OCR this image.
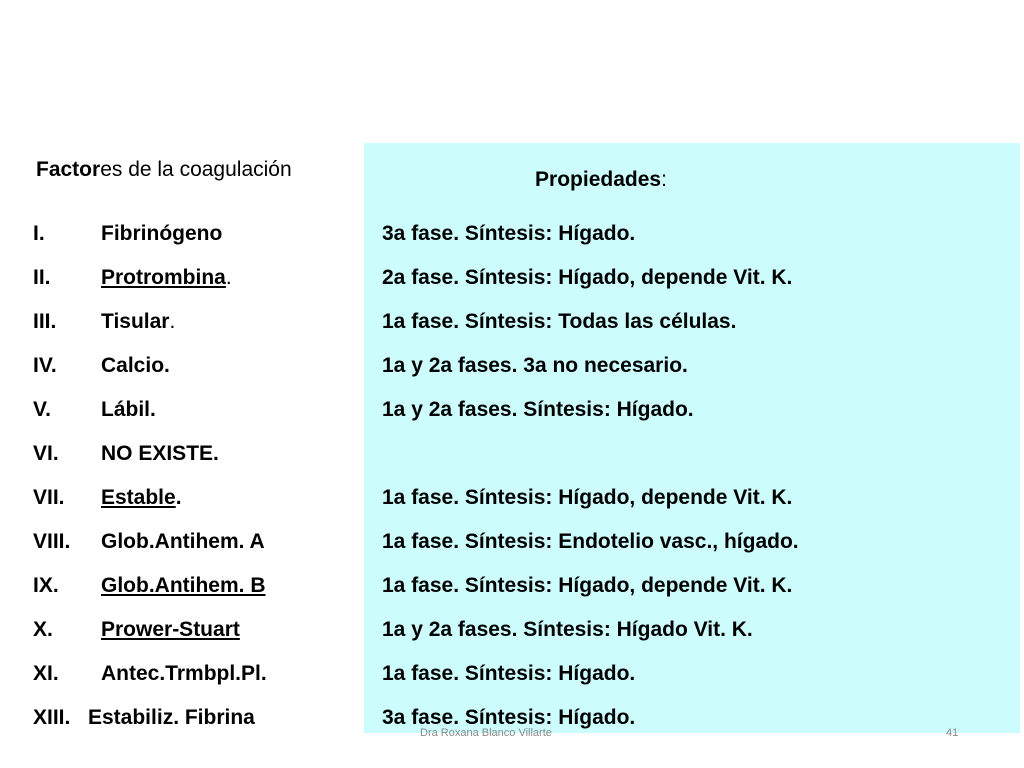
Factores de la coagulación	Propiedades:
I.	Fibrinógeno	3a fase. Síntesis: Hígado.
II. Protrombina.	2a fase. Síntesis: Hígado, depende Vit. K.
III. Tisular.	1a fase. Síntesis: Todas las células.
IV. Calcio.	1a y 2a fases. 3a no necesario.
V. Lábil.	1a y 2a fases. Síntesis: Hígado.
VI. NO EXISTE.
VII. Estable.	1a fase. Síntesis: Hígado, depende Vit. K.
VIII. Glob.Antihem. A	1a fase. Síntesis: Endotelio vasc., hígado.
IX. Glob.Antihem. B	1a fase. Síntesis: Hígado, depende Vit. K.
X. Prower-Stuart	1a y 2a fases. Síntesis: Hígado Vit. K.
XI. Antec.Trmbpl.Pl.	1a fase. Síntesis: Hígado.
XIII. Estabiliz. Fibrina	3a fase. Síntesis: Hígado.
Dra Roxana Blanco Villarte	41
